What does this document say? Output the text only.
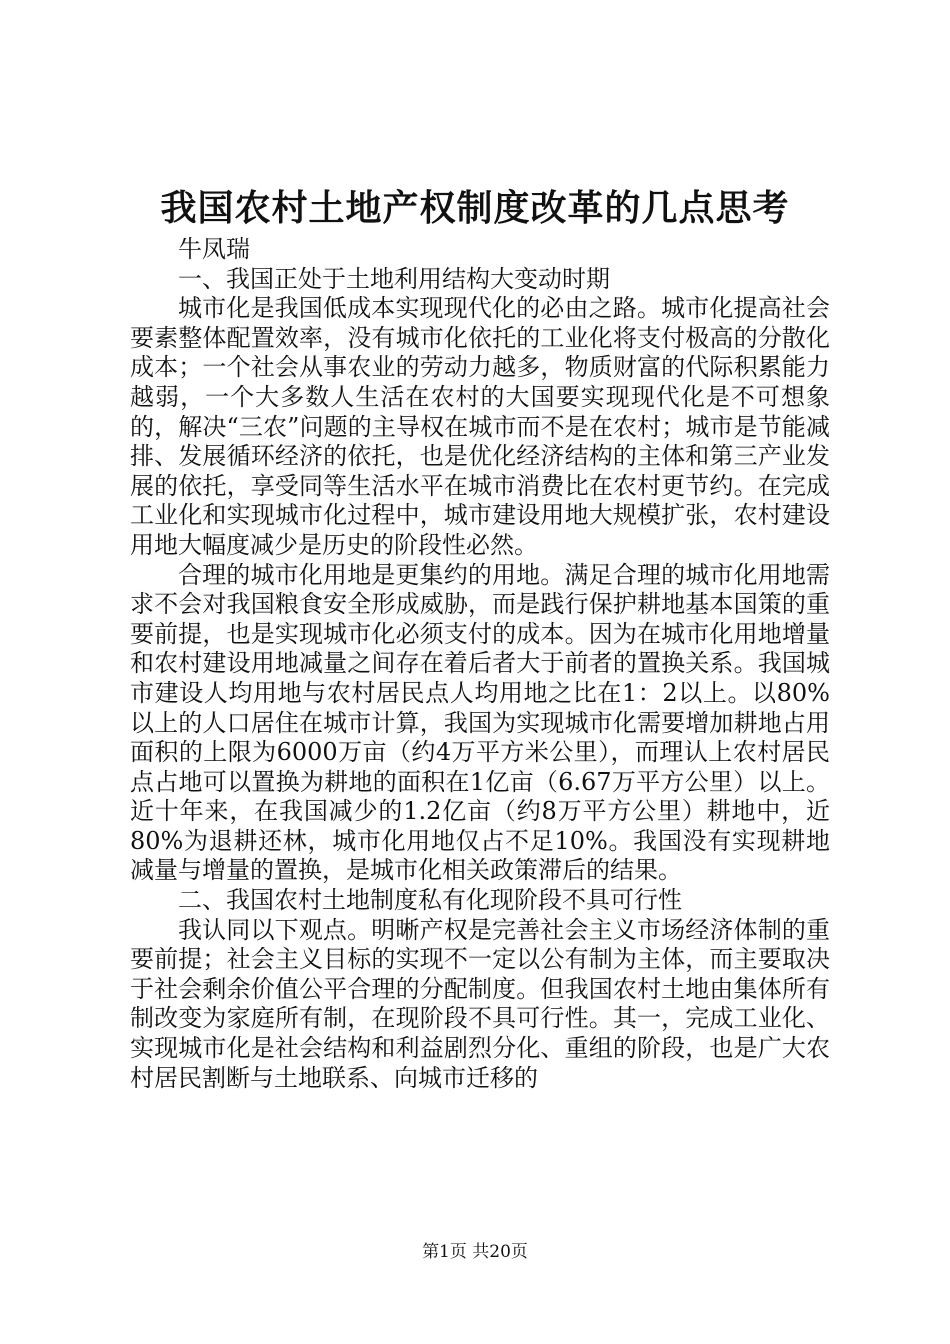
我国农村土地产权制度改革的几点思考

牛凤瑞

一、我国正处于土地利用结构大变动时期

城市化是我国低成本实现现代化的必由之路。城市化提高社会要素整体配置效率，没有城市化依托的工业化将支付极高的分散化成本；一个社会从事农业的劳动力越多，物质财富的代际积累能力越弱，一个大多数人生活在农村的大国要实现现代化是不可想象的，解决“三农”问题的主导权在城市而不是在农村；城市是节能减排、发展循环经济的依托，也是优化经济结构的主体和第三产业发展的依托，享受同等生活水平在城市消费比在农村更节约。在完成工业化和实现城市化过程中，城市建设用地大规模扩张，农村建设用地大幅度减少是历史的阶段性必然。

合理的城市化用地是更集约的用地。满足合理的城市化用地需求不会对我国粮食安全形成威胁，而是践行保护耕地基本国策的重要前提，也是实现城市化必须支付的成本。因为在城市化用地增量和农村建设用地减量之间存在着后者大于前者的置换关系。我国城市建设人均用地与农村居民点人均用地之比在1：2以上。以80%以上的人口居住在城市计算，我国为实现城市化需要增加耕地占用面积的上限为6000万亩（约4万平方米公里），而理认上农村居民点占地可以置换为耕地的面积在1亿亩（6.67万平方公里）以上。近十年来，在我国减少的1.2亿亩（约8万平方公里）耕地中，近80%为退耕还林，城市化用地仅占不足10%。我国没有实现耕地减量与增量的置换，是城市化相关政策滞后的结果。

二、我国农村土地制度私有化现阶段不具可行性

我认同以下观点。明晰产权是完善社会主义市场经济体制的重要前提；社会主义目标的实现不一定以公有制为主体，而主要取决于社会剩余价值公平合理的分配制度。但我国农村土地由集体所有制改变为家庭所有制，在现阶段不具可行性。其一，完成工业化、实现城市化是社会结构和利益剧烈分化、重组的阶段，也是广大农村居民割断与土地联系、向城市迁移的

第1页 共20页
